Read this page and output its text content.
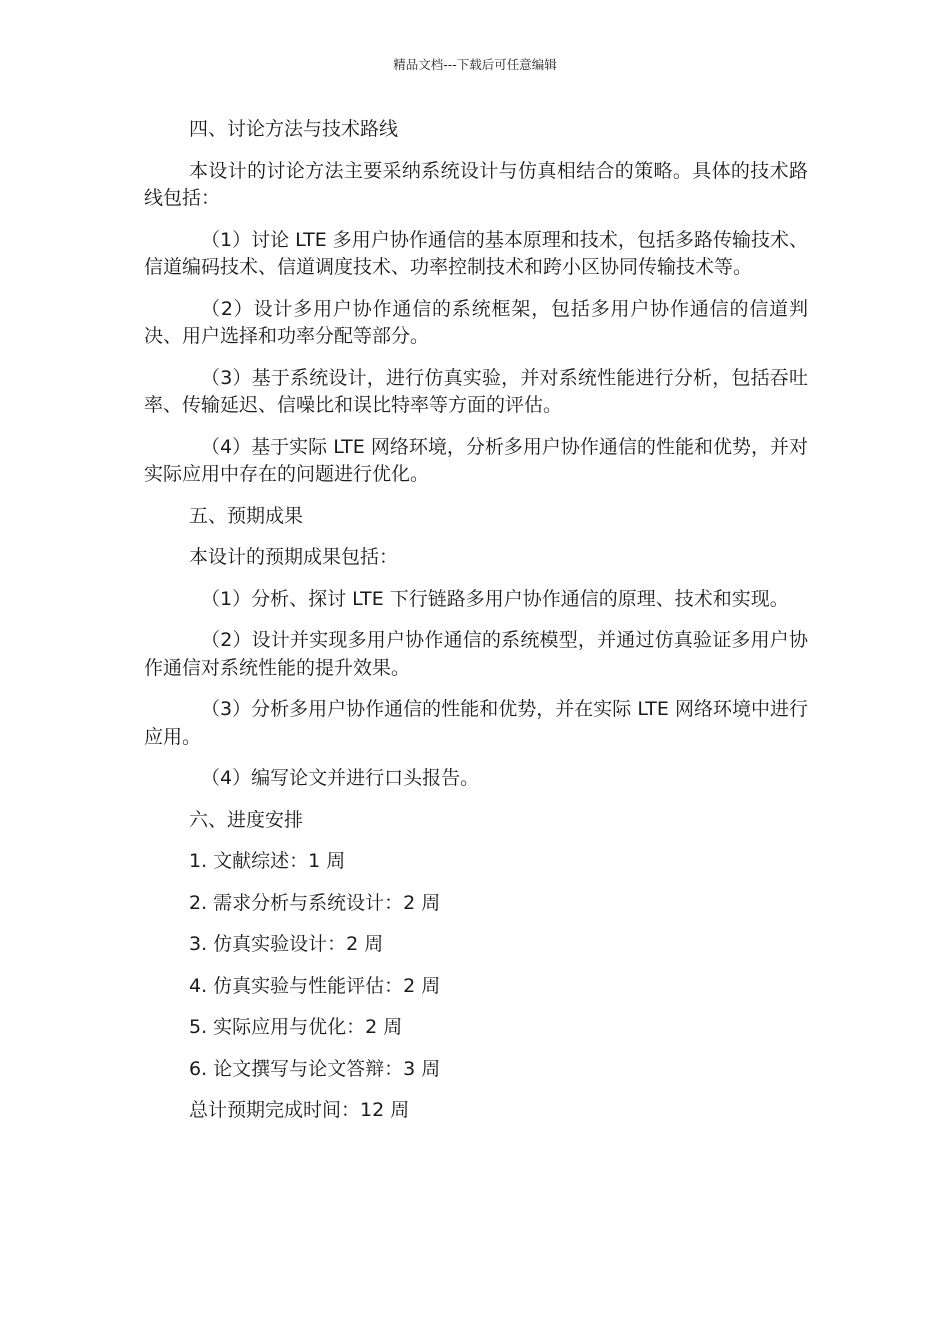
精品文档---下载后可任意编辑

四、讨论方法与技术路线

本设计的讨论方法主要采纳系统设计与仿真相结合的策略。具体的技术路线包括：

（1）讨论 LTE 多用户协作通信的基本原理和技术，包括多路传输技术、信道编码技术、信道调度技术、功率控制技术和跨小区协同传输技术等。

（2）设计多用户协作通信的系统框架，包括多用户协作通信的信道判决、用户选择和功率分配等部分。

（3）基于系统设计，进行仿真实验，并对系统性能进行分析，包括吞吐率、传输延迟、信噪比和误比特率等方面的评估。

（4）基于实际 LTE 网络环境，分析多用户协作通信的性能和优势，并对实际应用中存在的问题进行优化。

五、预期成果

本设计的预期成果包括：

（1）分析、探讨 LTE 下行链路多用户协作通信的原理、技术和实现。

（2）设计并实现多用户协作通信的系统模型，并通过仿真验证多用户协作通信对系统性能的提升效果。

（3）分析多用户协作通信的性能和优势，并在实际 LTE 网络环境中进行应用。

（4）编写论文并进行口头报告。

六、进度安排

1. 文献综述：1 周

2. 需求分析与系统设计：2 周

3. 仿真实验设计：2 周

4. 仿真实验与性能评估：2 周

5. 实际应用与优化：2 周

6. 论文撰写与论文答辩：3 周

总计预期完成时间：12 周
